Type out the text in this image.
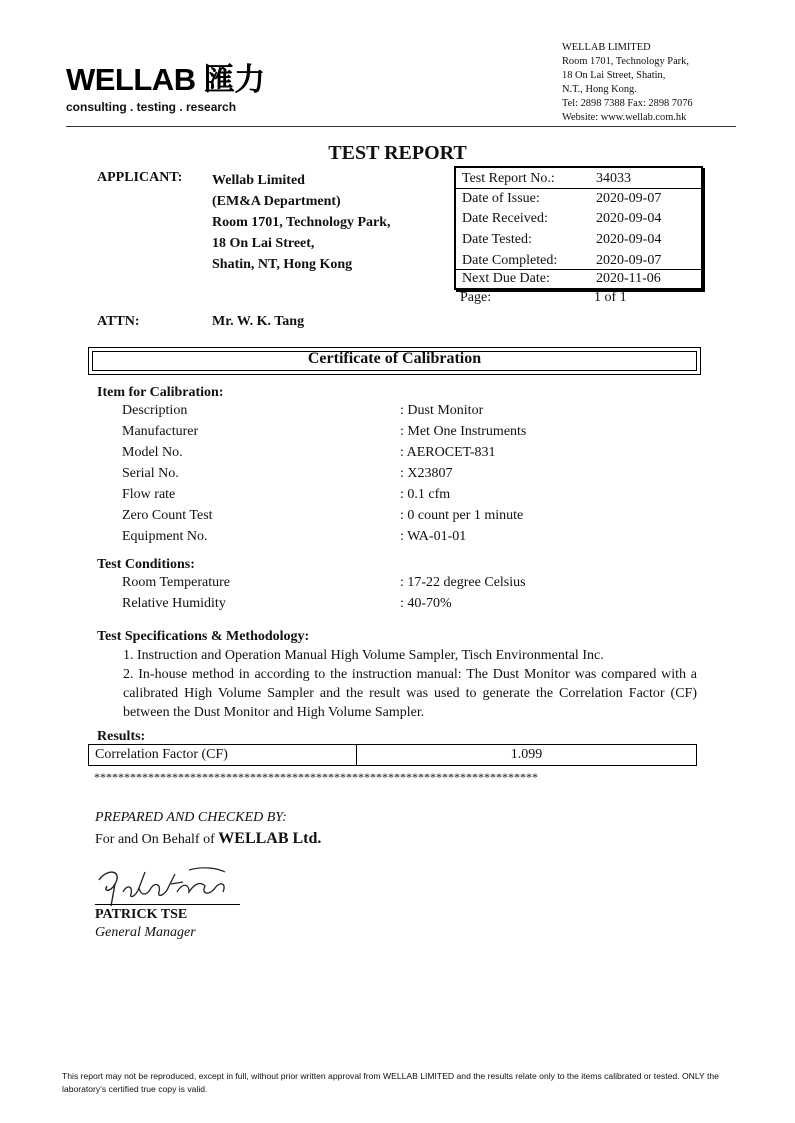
WELLAB 匯力
consulting . testing . research
WELLAB LIMITED
Room 1701, Technology Park,
18 On Lai Street, Shatin,
N.T., Hong Kong.
Tel: 2898 7388 Fax: 2898 7076
Website: www.wellab.com.hk
TEST REPORT
APPLICANT: Wellab Limited
(EM&A Department)
Room 1701, Technology Park,
18 On Lai Street,
Shatin, NT, Hong Kong
Test Report No.:	34033
Date of Issue:	2020-09-07
Date Received:	2020-09-04
Date Tested:	2020-09-04
Date Completed:	2020-09-07
Next Due Date:	2020-11-06
Page:	1 of 1
ATTN:	Mr. W. K. Tang
Certificate of Calibration
Item for Calibration:
Description	: Dust Monitor
Manufacturer	: Met One Instruments
Model No.	: AEROCET-831
Serial No.	: X23807
Flow rate	: 0.1 cfm
Zero Count Test	: 0 count per 1 minute
Equipment No.	: WA-01-01
Test Conditions:
Room Temperature	: 17-22 degree Celsius
Relative Humidity	: 40-70%

Test Specifications & Methodology:

1. Instruction and Operation Manual High Volume Sampler, Tisch Environmental Inc.

2. In-house method in according to the instruction manual: The Dust Monitor was compared with a calibrated High Volume Sampler and the result was used to generate the Correlation Factor (CF) between the Dust Monitor and High Volume Sampler.

Results:
Correlation Factor (CF)	1.099
**************************************************************************
PREPARED AND CHECKED BY:
For and On Behalf of WELLAB Ltd.
PATRICK TSE
General Manager
This report may not be reproduced, except in full, without prior written approval from WELLAB LIMITED and the results relate only to the items calibrated or tested. ONLY the laboratory's certified true copy is valid.
